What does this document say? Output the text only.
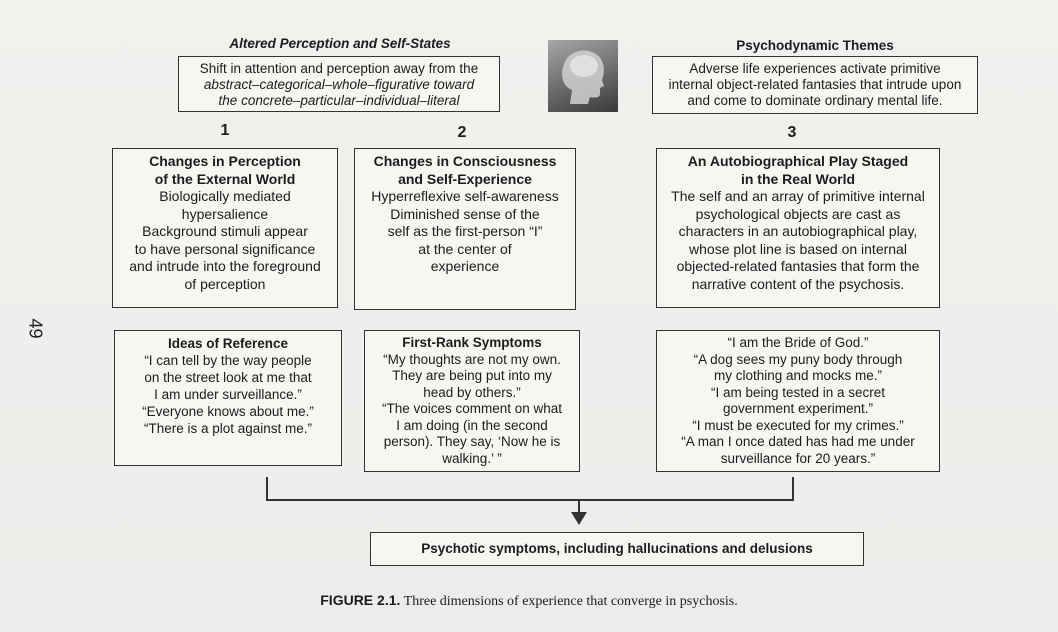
49
Altered Perception and Self-States	Psychodynamic Themes
Shift in attention and perception away from the
abstract–categorical–whole–figurative toward
the concrete–particular–individual–literal
Adverse life experiences activate primitive
internal object-related fantasies that intrude upon
and come to dominate ordinary mental life.
1	2	3
Changes in Perception
of the External World
Biologically mediated
hypersalience
Background stimuli appear
to have personal significance
and intrude into the foreground
of perception
Changes in Consciousness
and Self-Experience
Hyperreflexive self-awareness
Diminished sense of the
self as the first-person “I”
at the center of
experience
An Autobiographical Play Staged
in the Real World
The self and an array of primitive internal
psychological objects are cast as
characters in an autobiographical play,
whose plot line is based on internal
objected-related fantasies that form the
narrative content of the psychosis.
Ideas of Reference
“I can tell by the way people
on the street look at me that
I am under surveillance.”
“Everyone knows about me.”
“There is a plot against me.”
First-Rank Symptoms
“My thoughts are not my own.
They are being put into my
head by others.”
“The voices comment on what
I am doing (in the second
person). They say, ‘Now he is
walking.’ ”
“I am the Bride of God.”
“A dog sees my puny body through
my clothing and mocks me.”
“I am being tested in a secret
government experiment.”
“I must be executed for my crimes.”
“A man I once dated has had me under
surveillance for 20 years.”
Psychotic symptoms, including hallucinations and delusions
FIGURE 2.1. Three dimensions of experience that converge in psychosis.
